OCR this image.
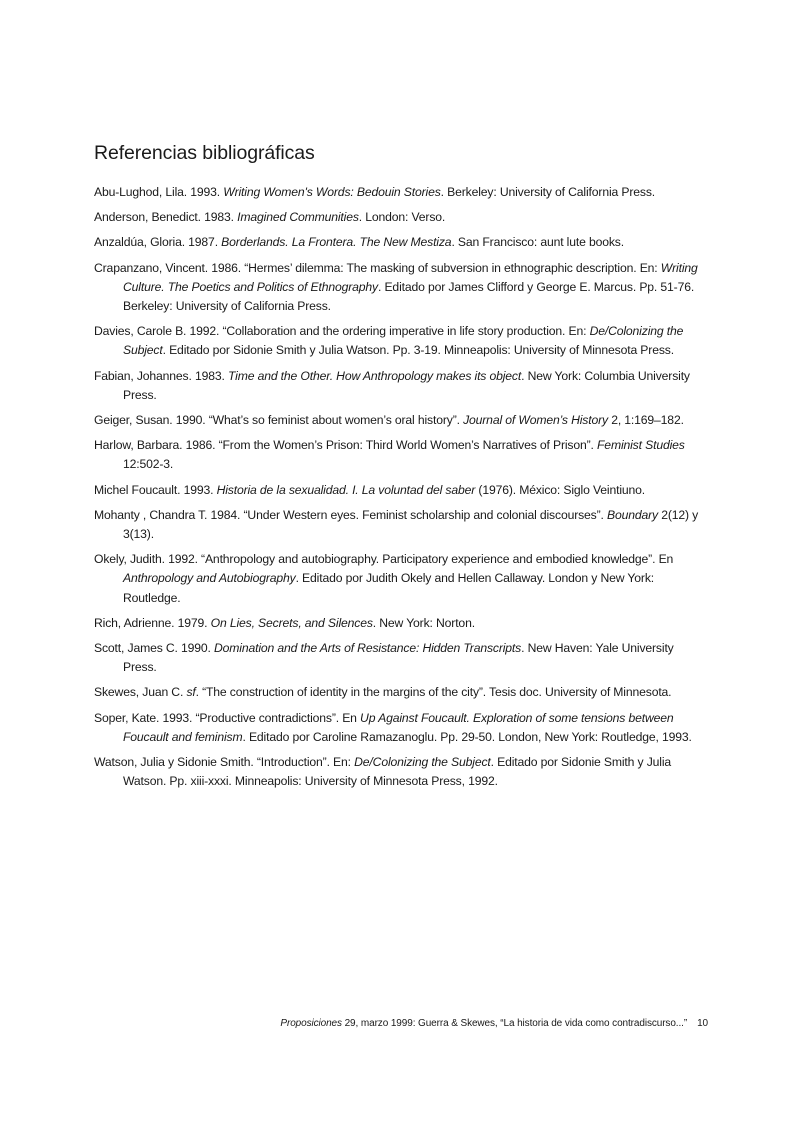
Referencias bibliográficas

Abu-Lughod, Lila. 1993. Writing Women's Words: Bedouin Stories. Berkeley: University of California Press.

Anderson, Benedict. 1983. Imagined Communities. London: Verso.

Anzaldúa, Gloria. 1987. Borderlands. La Frontera. The New Mestiza. San Francisco: aunt lute books.

Crapanzano, Vincent. 1986. “Hermes’ dilemma: The masking of subversion in ethnographic description. En: Writing Culture. The Poetics and Politics of Ethnography. Editado por James Clifford y George E. Marcus. Pp. 51-76. Berkeley: University of California Press.

Davies, Carole B. 1992. “Collaboration and the ordering imperative in life story production. En: De/Colonizing the Subject. Editado por Sidonie Smith y Julia Watson. Pp. 3-19. Minneapolis: University of Minnesota Press.

Fabian, Johannes. 1983. Time and the Other. How Anthropology makes its object. New York: Columbia University Press.

Geiger, Susan. 1990. “What’s so feminist about women’s oral history”. Journal of Women’s History 2, 1:169–182.

Harlow, Barbara. 1986. “From the Women’s Prison: Third World Women’s Narratives of Prison”. Feminist Studies 12:502-3.

Michel Foucault. 1993. Historia de la sexualidad. I. La voluntad del saber (1976). México: Siglo Veintiuno.

Mohanty , Chandra T. 1984. “Under Western eyes. Feminist scholarship and colonial discourses”. Boundary 2(12) y 3(13).

Okely, Judith. 1992. “Anthropology and autobiography. Participatory experience and embodied knowledge”. En Anthropology and Autobiography. Editado por Judith Okely and Hellen Callaway. London y New York: Routledge.

Rich, Adrienne. 1979. On Lies, Secrets, and Silences. New York: Norton.

Scott, James C. 1990. Domination and the Arts of Resistance: Hidden Transcripts. New Haven: Yale University Press.

Skewes, Juan C. sf. “The construction of identity in the margins of the city”. Tesis doc. University of Minnesota.

Soper, Kate. 1993. “Productive contradictions”. En Up Against Foucault. Exploration of some tensions between Foucault and feminism. Editado por Caroline Ramazanoglu. Pp. 29-50. London, New York: Routledge, 1993.

Watson, Julia y Sidonie Smith. “Introduction”. En: De/Colonizing the Subject. Editado por Sidonie Smith y Julia Watson. Pp. xiii-xxxi. Minneapolis: University of Minnesota Press, 1992.

Proposiciones 29, marzo 1999: Guerra & Skewes, “La historia de vida como contradiscurso...” 10
